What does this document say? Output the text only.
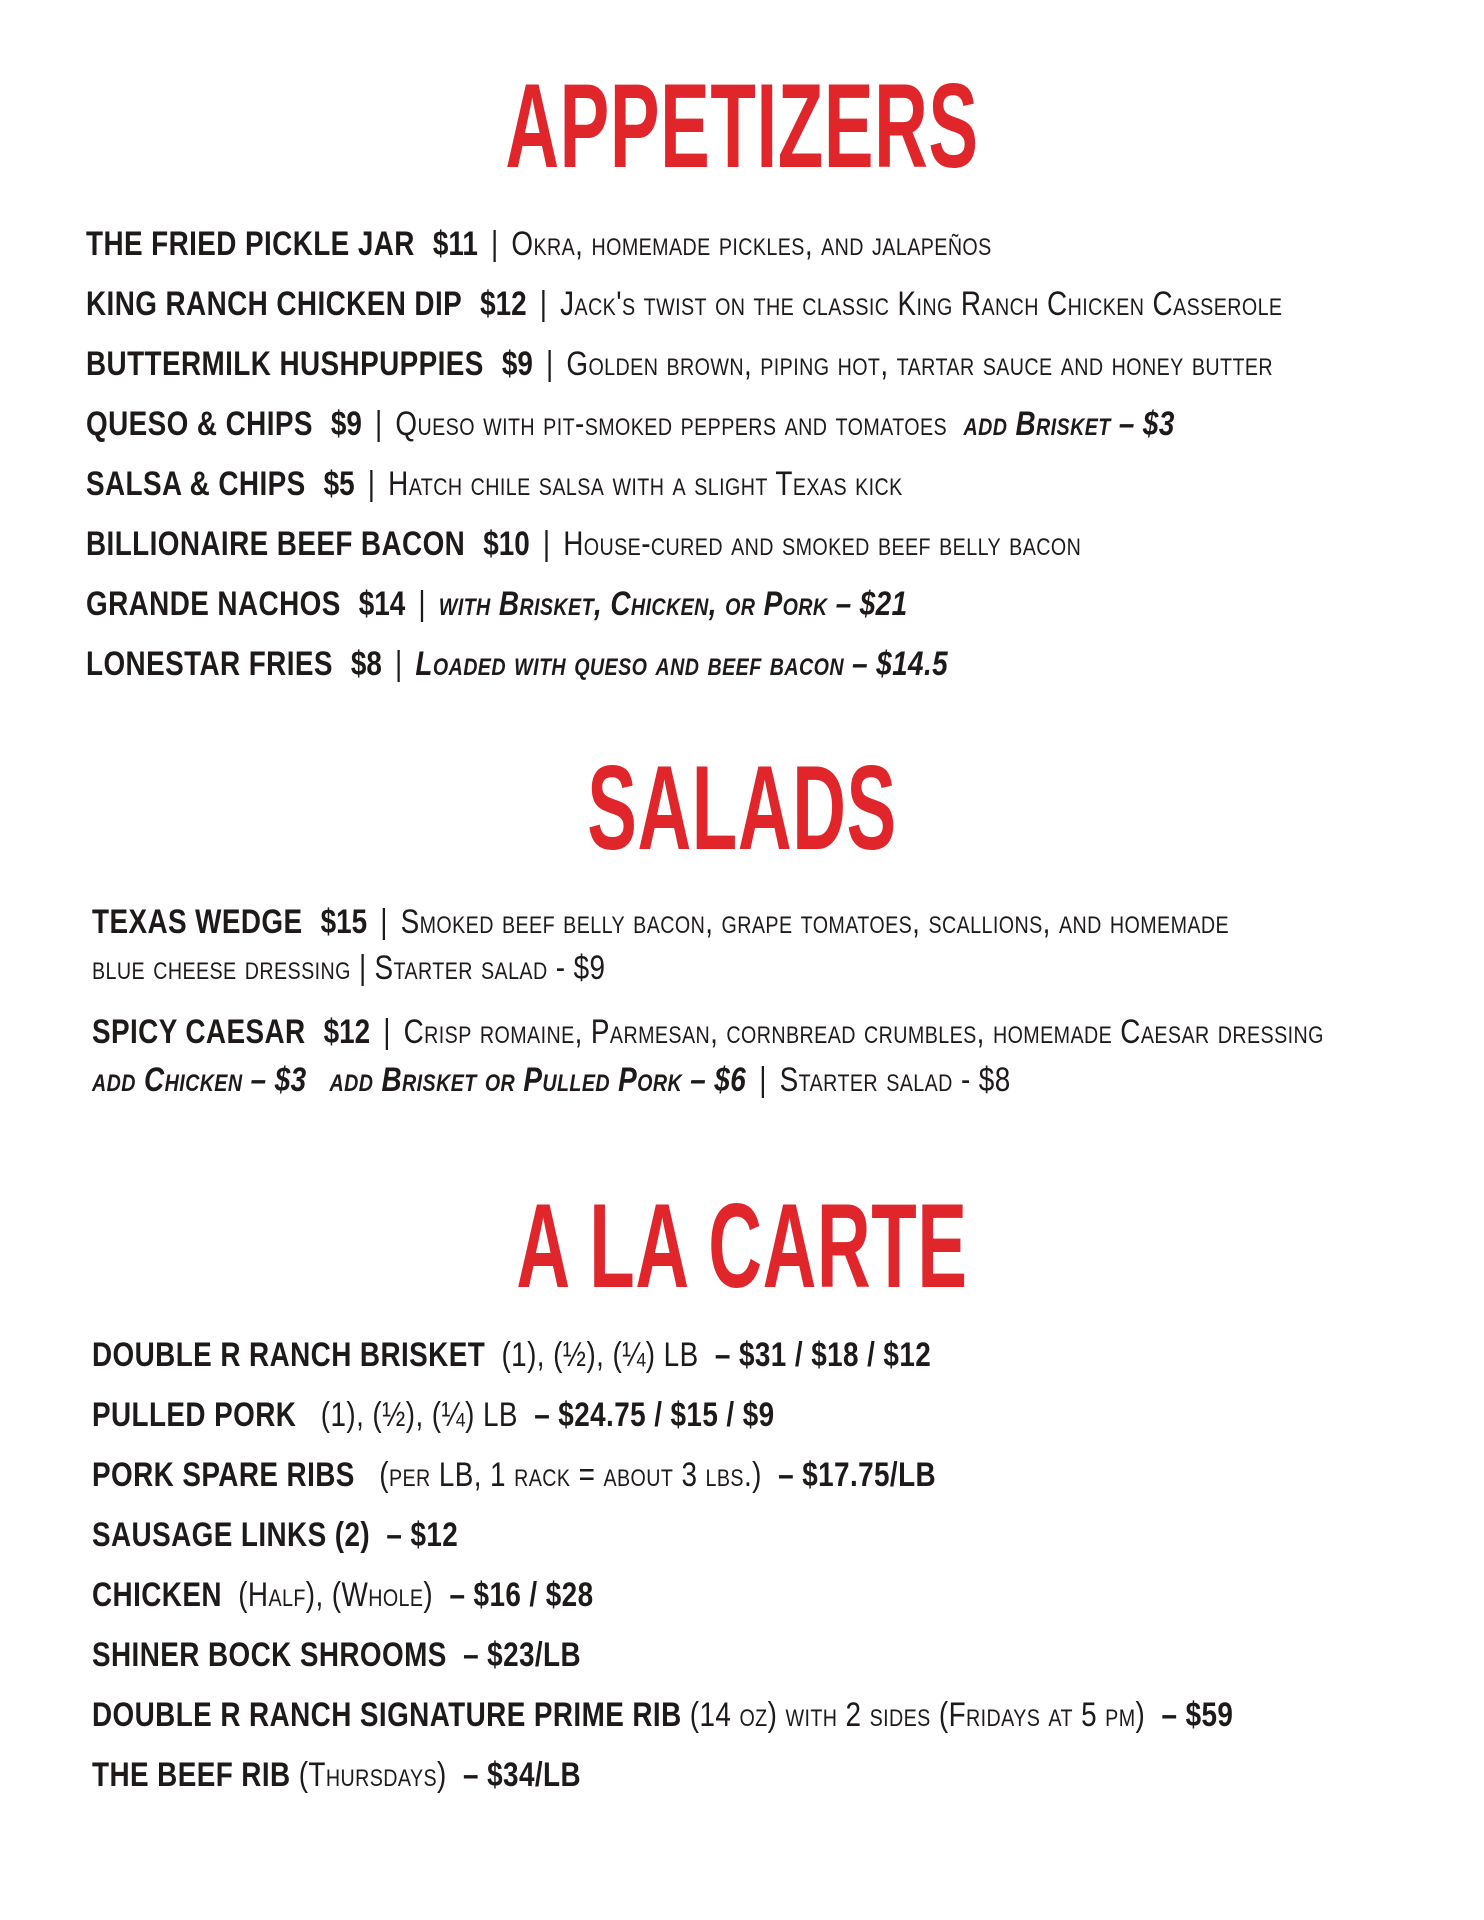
APPETIZERS
THE FRIED PICKLE JAR $11 | Okra, homemade pickles, and jalapeños
KING RANCH CHICKEN DIP $12 | Jack's twist on the classic King Ranch Chicken Casserole
BUTTERMILK HUSHPUPPIES $9 | Golden brown, piping hot, tartar sauce and honey butter
QUESO & CHIPS $9 | Queso with pit-smoked peppers and tomatoes add Brisket – $3
SALSA & CHIPS $5 | Hatch chile salsa with a slight Texas kick
BILLIONAIRE BEEF BACON $10 | House-cured and smoked beef belly bacon
GRANDE NACHOS $14 | with Brisket, Chicken, or Pork – $21
LONESTAR FRIES $8 | Loaded with queso and beef bacon – $14.5
SALADS
TEXAS WEDGE $15 | Smoked beef belly bacon, grape tomatoes, scallions, and homemade
blue cheese dressing | Starter salad - $9
SPICY CAESAR $12 | Crisp romaine, Parmesan, cornbread crumbles, homemade Caesar dressing
add Chicken – $3 add Brisket or Pulled Pork – $6 | Starter salad - $8
A LA CARTE
DOUBLE R RANCH BRISKET (1), (½), (¼) LB – $31 / $18 / $12
PULLED PORK (1), (½), (¼) LB – $24.75 / $15 / $9
PORK SPARE RIBS (per LB, 1 rack = about 3 lbs.) – $17.75/LB
SAUSAGE LINKS (2) – $12
CHICKEN (Half), (Whole) – $16 / $28
SHINER BOCK SHROOMS – $23/LB
DOUBLE R RANCH SIGNATURE PRIME RIB (14 oz) with 2 sides (Fridays at 5 pm) – $59
THE BEEF RIB (Thursdays) – $34/LB
